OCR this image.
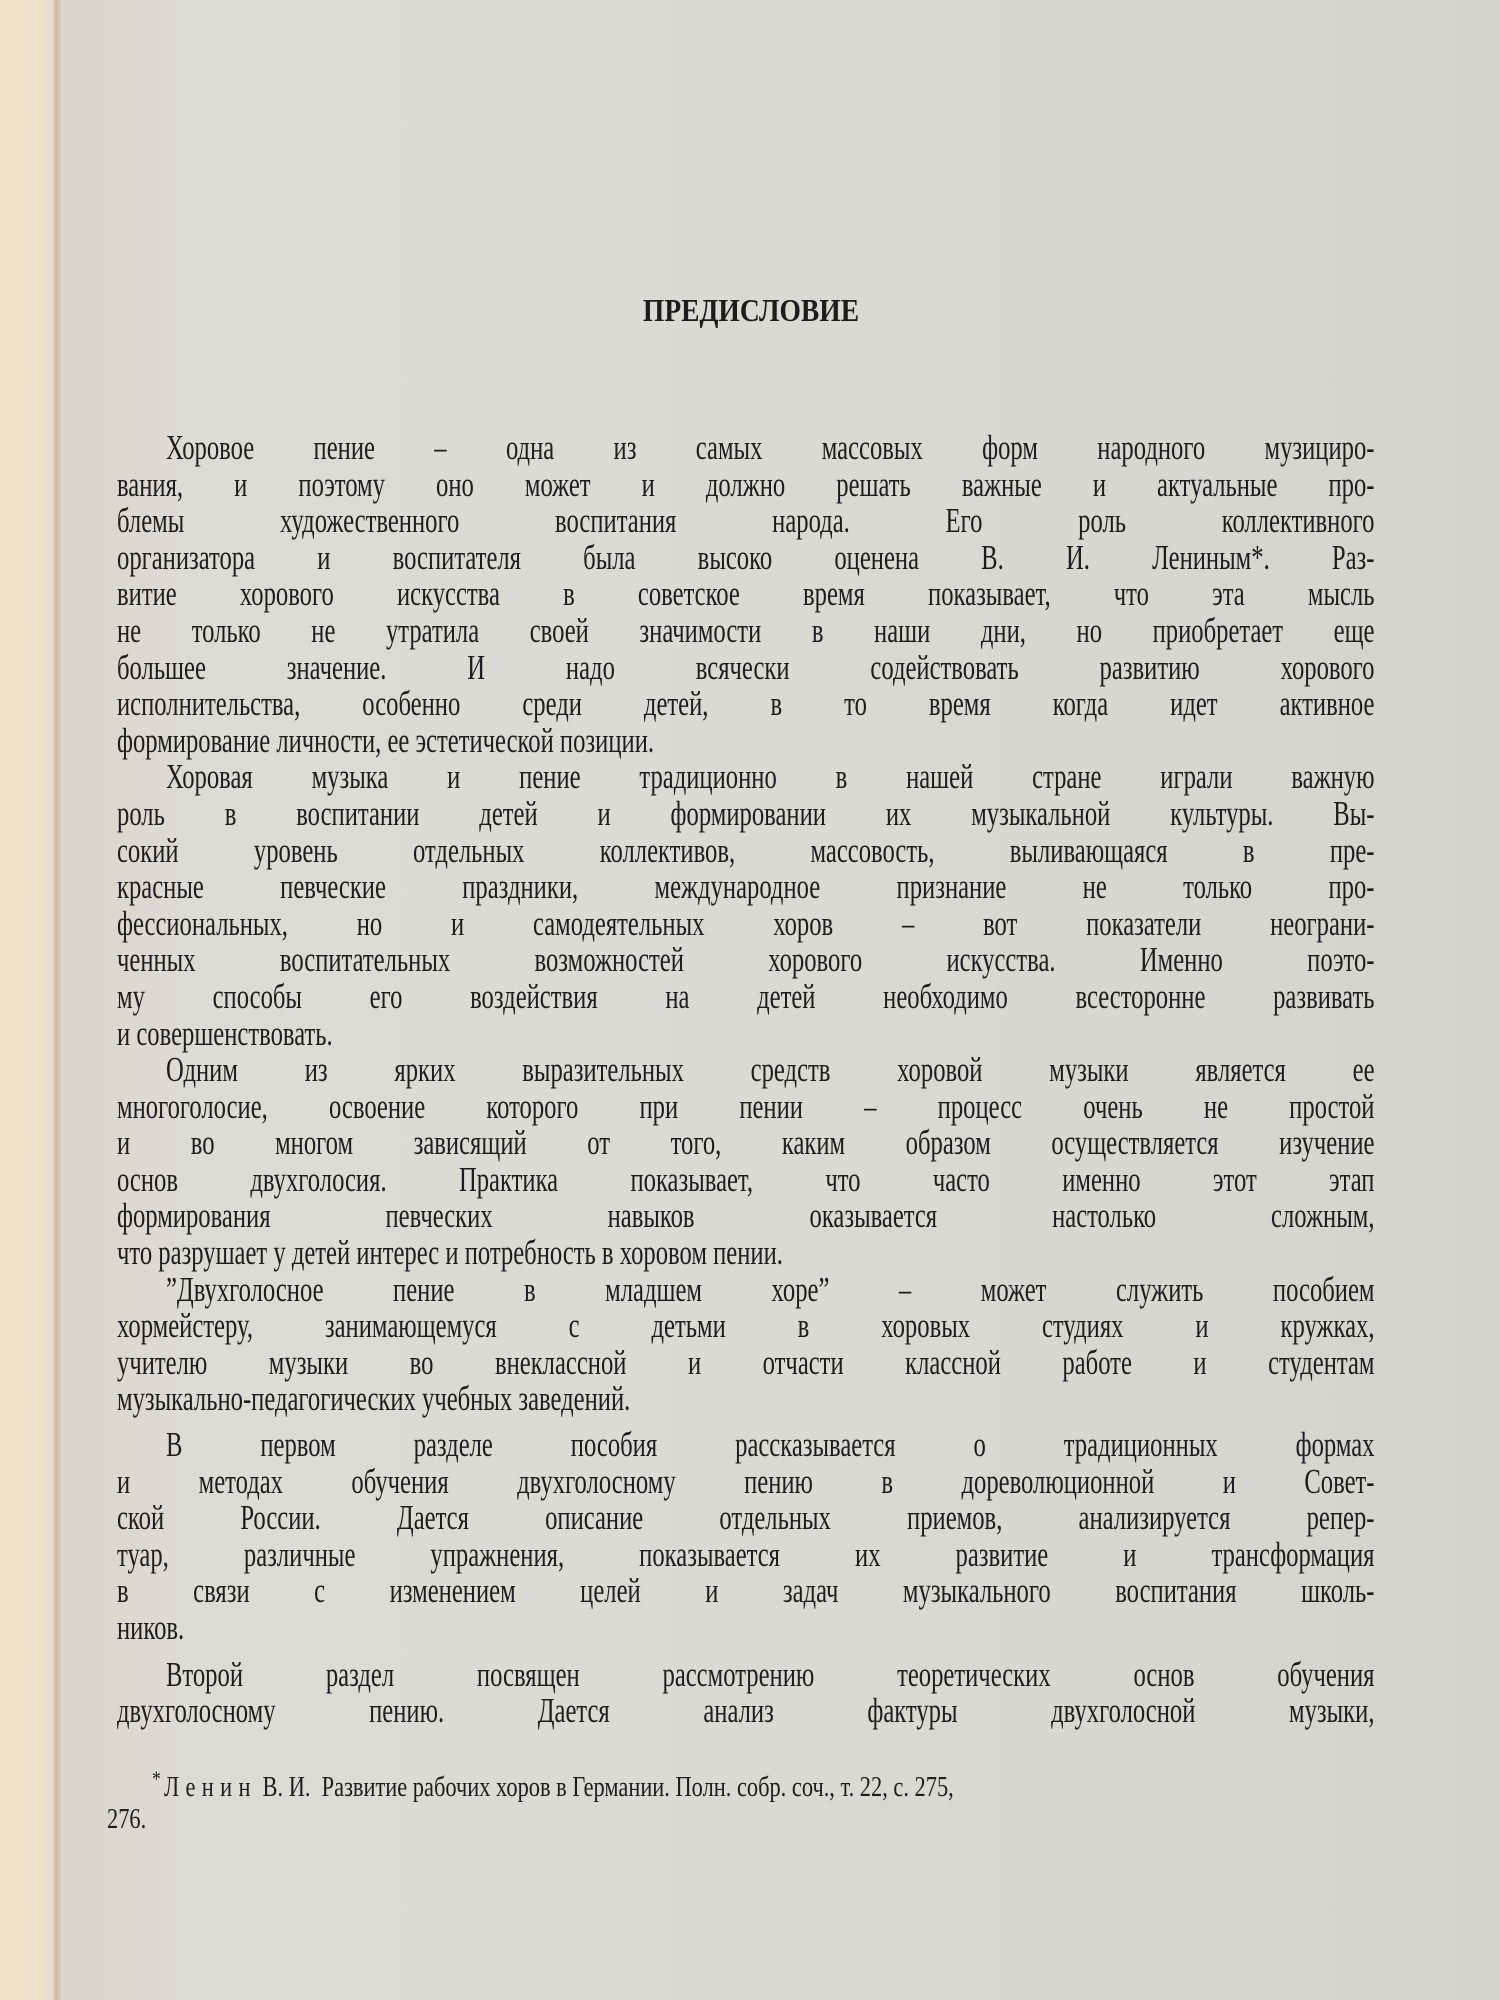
ПРЕДИСЛОВИЕ
Хоровое пение – одна из самых массовых форм народного музициро-
вания, и поэтому оно может и должно решать важные и актуальные про-
блемы художественного воспитания народа. Его роль коллективного
организатора и воспитателя была высоко оценена В. И. Лениным*. Раз-
витие хорового искусства в советское время показывает, что эта мысль
не только не утратила своей значимости в наши дни, но приобретает еще
большее значение. И надо всячески содействовать развитию хорового
исполнительства, особенно среди детей, в то время когда идет активное
формирование личности, ее эстетической позиции.
Хоровая музыка и пение традиционно в нашей стране играли важную
роль в воспитании детей и формировании их музыкальной культуры. Вы-
сокий уровень отдельных коллективов, массовость, выливающаяся в пре-
красные певческие праздники, международное признание не только про-
фессиональных, но и самодеятельных хоров – вот показатели неограни-
ченных воспитательных возможностей хорового искусства. Именно поэто-
му способы его воздействия на детей необходимо всесторонне развивать
и совершенствовать.
Одним из ярких выразительных средств хоровой музыки является ее
многоголосие, освоение которого при пении – процесс очень не простой
и во многом зависящий от того, каким образом осуществляется изучение
основ двухголосия. Практика показывает, что часто именно этот этап
формирования певческих навыков оказывается настолько сложным,
что разрушает у детей интерес и потребность в хоровом пении.
”Двухголосное пение в младшем хоре” – может служить пособием
хормейстеру, занимающемуся с детьми в хоровых студиях и кружках,
учителю музыки во внеклассной и отчасти классной работе и студентам
музыкально-педагогических учебных заведений.
В первом разделе пособия рассказывается о традиционных формах
и методах обучения двухголосному пению в дореволюционной и Совет-
ской России. Дается описание отдельных приемов, анализируется репер-
туар, различные упражнения, показывается их развитие и трансформация
в связи с изменением целей и задач музыкального воспитания школь-
ников.
Второй раздел посвящен рассмотрению теоретических основ обучения
двухголосному пению. Дается анализ фактуры двухголосной музыки,
* Ленин В. И. Развитие рабочих хоров в Германии. Полн. собр. соч., т. 22, с. 275,
276.
